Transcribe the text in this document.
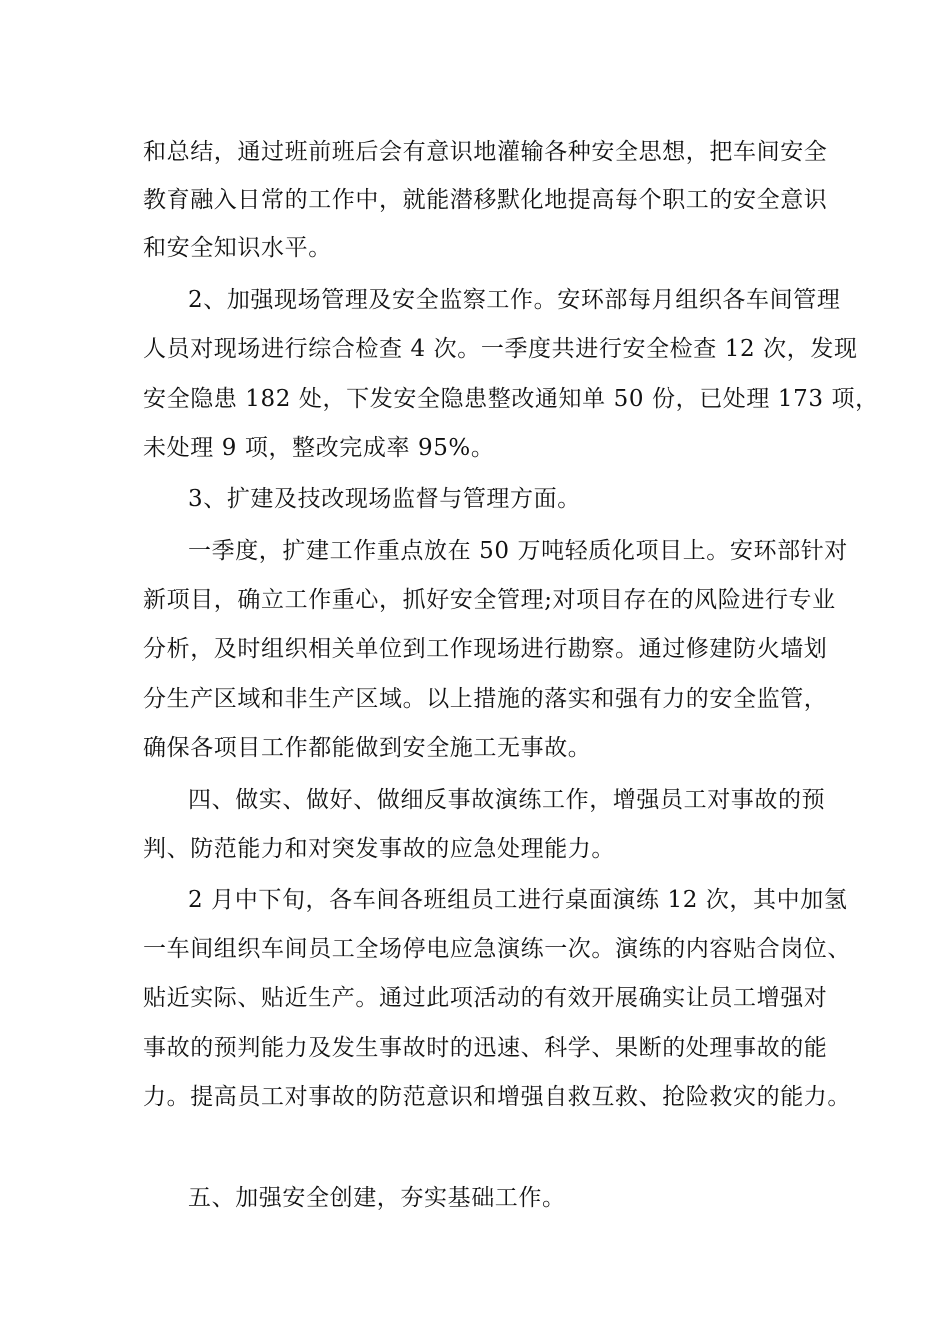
和总结，通过班前班后会有意识地灌输各种安全思想，把车间安全
教育融入日常的工作中，就能潜移默化地提高每个职工的安全意识
和安全知识水平。
2、加强现场管理及安全监察工作。安环部每月组织各车间管理
人员对现场进行综合检查 4 次。一季度共进行安全检查 12 次，发现
安全隐患 182 处，下发安全隐患整改通知单 50 份，已处理 173 项，
未处理 9 项，整改完成率 95%。
3、扩建及技改现场监督与管理方面。
一季度，扩建工作重点放在 50 万吨轻质化项目上。安环部针对
新项目，确立工作重心，抓好安全管理;对项目存在的风险进行专业
分析，及时组织相关单位到工作现场进行勘察。通过修建防火墙划
分生产区域和非生产区域。以上措施的落实和强有力的安全监管，
确保各项目工作都能做到安全施工无事故。
四、做实、做好、做细反事故演练工作，增强员工对事故的预
判、防范能力和对突发事故的应急处理能力。
2 月中下旬，各车间各班组员工进行桌面演练 12 次，其中加氢
一车间组织车间员工全场停电应急演练一次。演练的内容贴合岗位、
贴近实际、贴近生产。通过此项活动的有效开展确实让员工增强对
事故的预判能力及发生事故时的迅速、科学、果断的处理事故的能
力。提高员工对事故的防范意识和增强自救互救、抢险救灾的能力。
五、加强安全创建，夯实基础工作。
